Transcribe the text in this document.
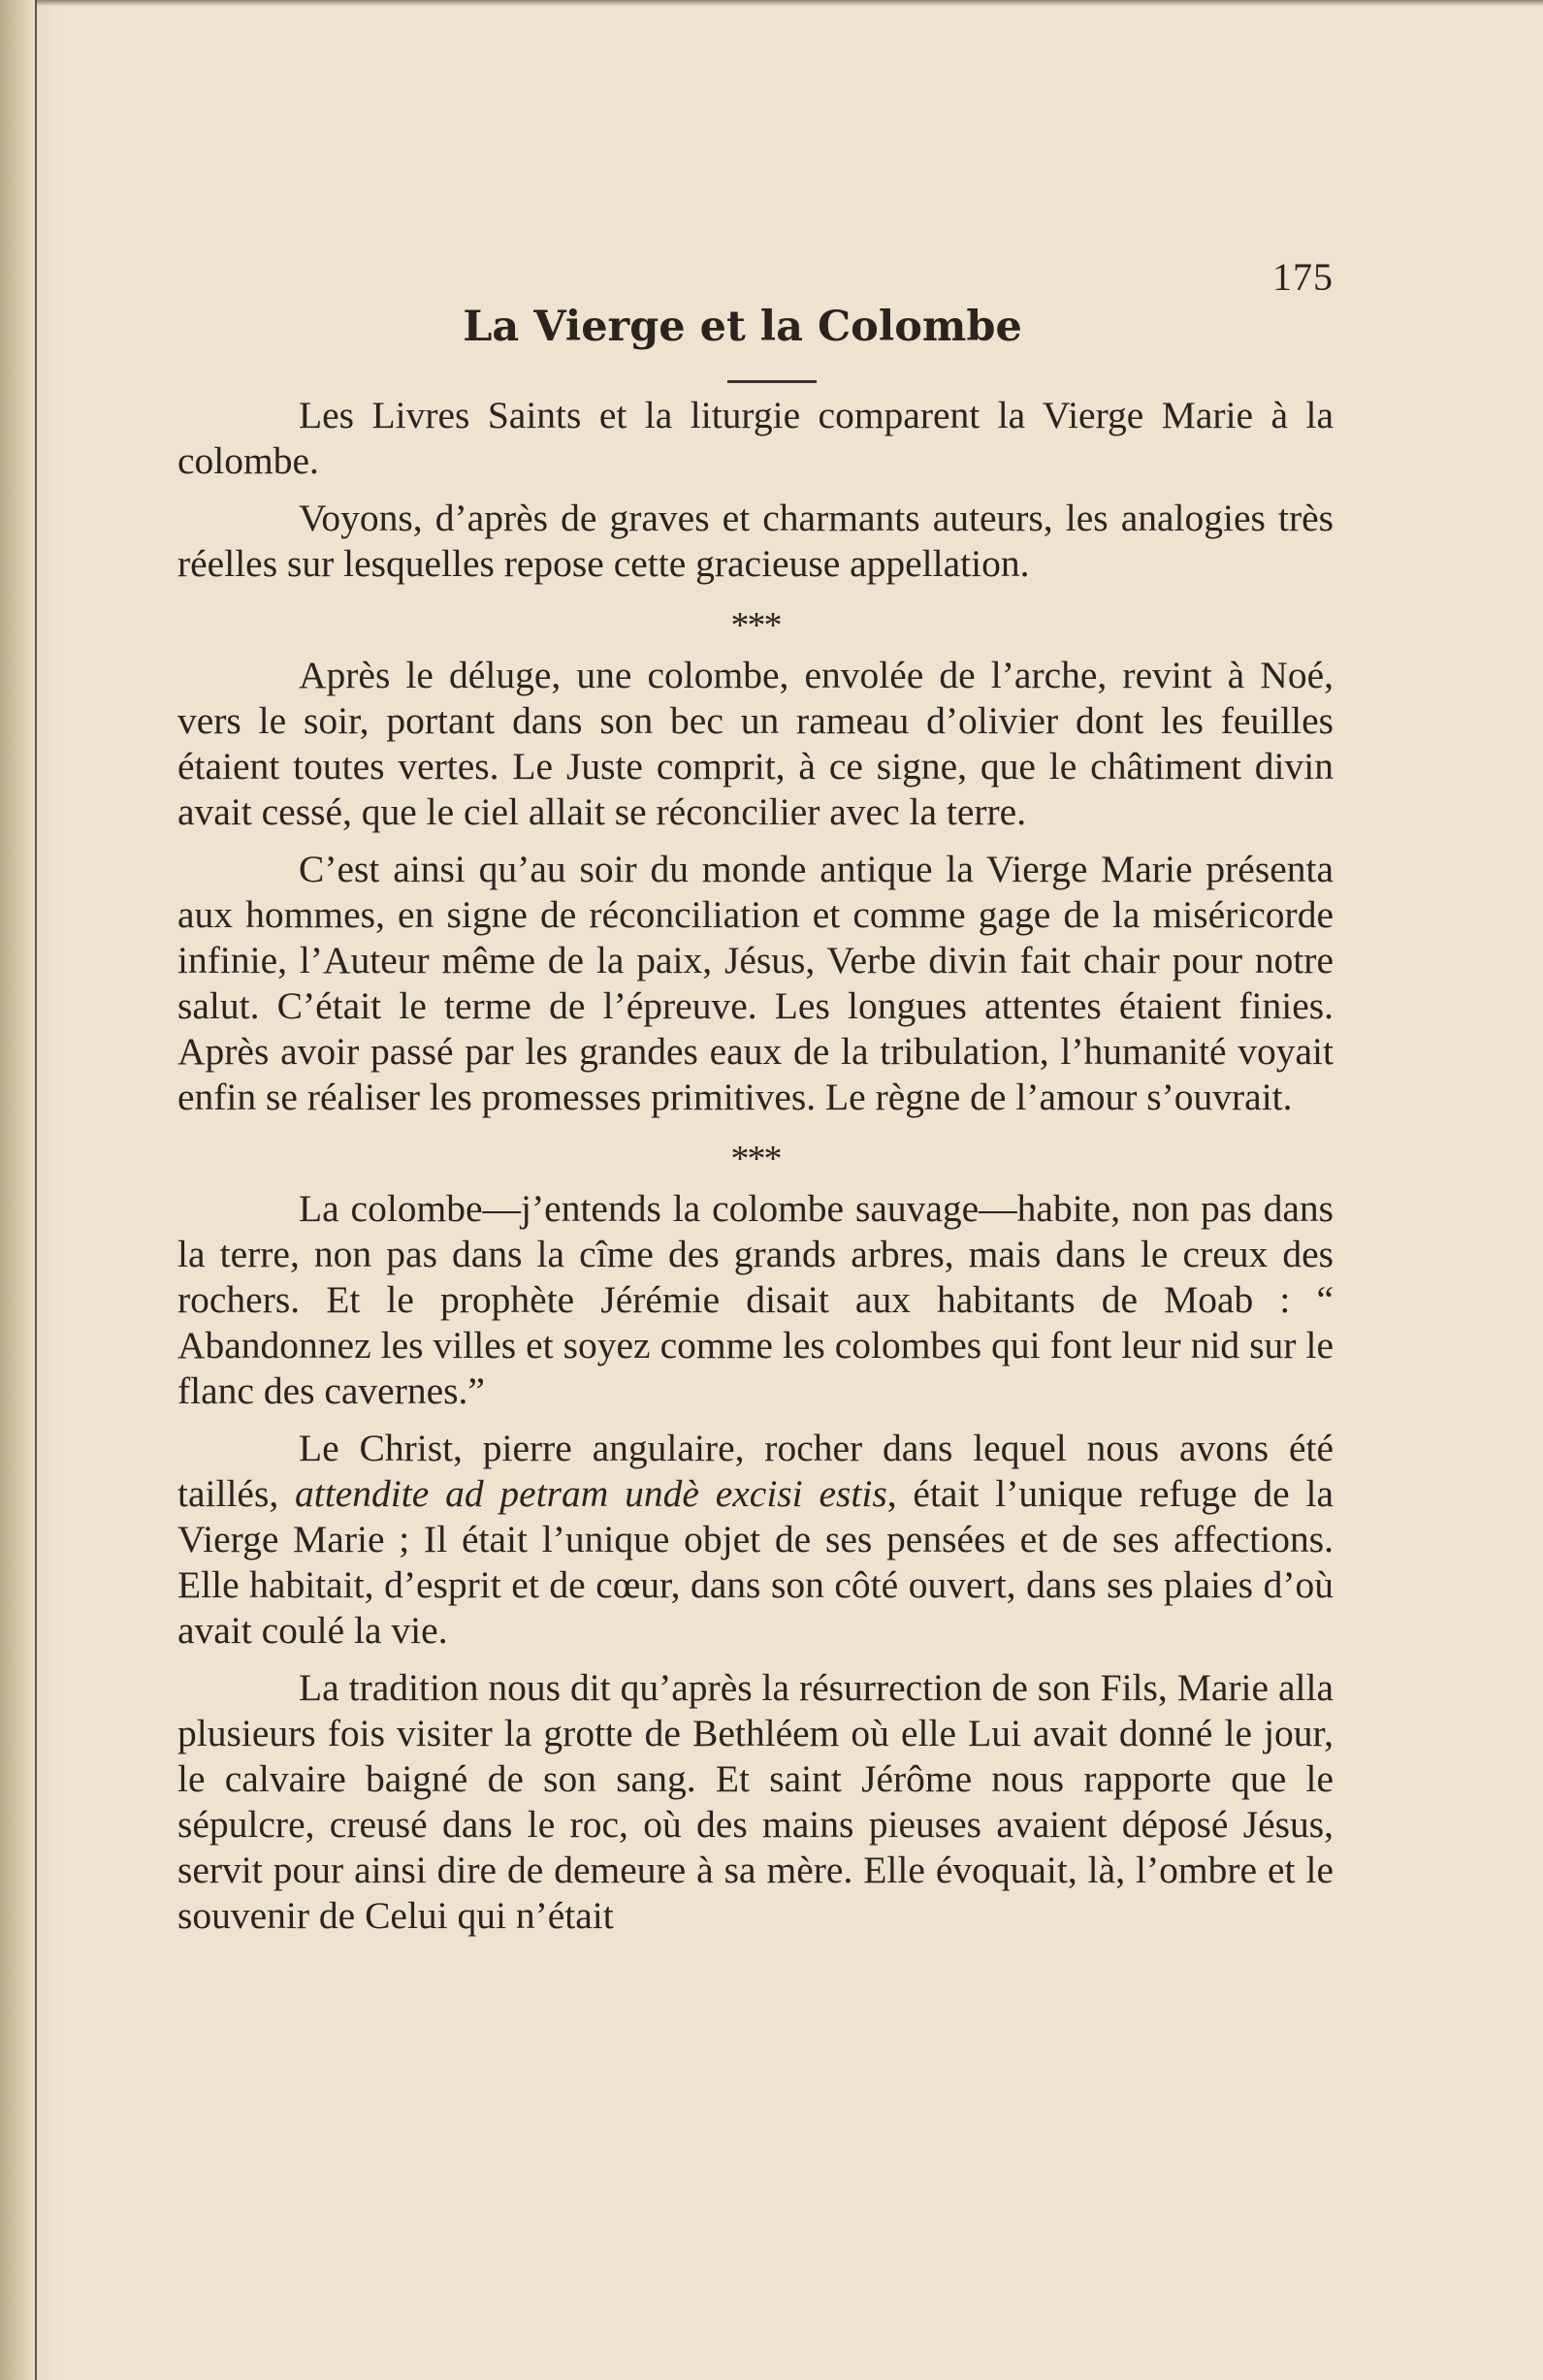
175
La Vierge et la Colombe

Les Livres Saints et la liturgie comparent la Vierge Marie à la colombe.

Voyons, d’après de graves et charmants auteurs, les analogies très réelles sur lesquelles repose cette gracieuse appellation.

***

Après le déluge, une colombe, envolée de l’arche, revint à Noé, vers le soir, portant dans son bec un rameau d’olivier dont les feuilles étaient toutes vertes. Le Juste comprit, à ce signe, que le châtiment divin avait cessé, que le ciel allait se réconcilier avec la terre.

C’est ainsi qu’au soir du monde antique la Vierge Marie présenta aux hommes, en signe de réconciliation et comme gage de la miséricorde infinie, l’Auteur même de la paix, Jésus, Verbe divin fait chair pour notre salut. C’était le terme de l’épreuve. Les longues attentes étaient finies. Après avoir passé par les grandes eaux de la tribulation, l’humanité voyait enfin se réaliser les promesses primitives. Le règne de l’amour s’ouvrait.

***

La colombe—j’entends la colombe sauvage—habite, non pas dans la terre, non pas dans la cîme des grands arbres, mais dans le creux des rochers. Et le prophète Jérémie disait aux habitants de Moab : “ Abandonnez les villes et soyez comme les colombes qui font leur nid sur le flanc des cavernes.”

Le Christ, pierre angulaire, rocher dans lequel nous avons été taillés, attendite ad petram undè excisi estis, était l’unique refuge de la Vierge Marie ; Il était l’unique objet de ses pensées et de ses affections. Elle habitait, d’esprit et de cœur, dans son côté ouvert, dans ses plaies d’où avait coulé la vie.

La tradition nous dit qu’après la résurrection de son Fils, Marie alla plusieurs fois visiter la grotte de Bethléem où elle Lui avait donné le jour, le calvaire baigné de son sang. Et saint Jérôme nous rapporte que le sépulcre, creusé dans le roc, où des mains pieuses avaient déposé Jésus, servit pour ainsi dire de demeure à sa mère. Elle évoquait, là, l’ombre et le souvenir de Celui qui n’était
